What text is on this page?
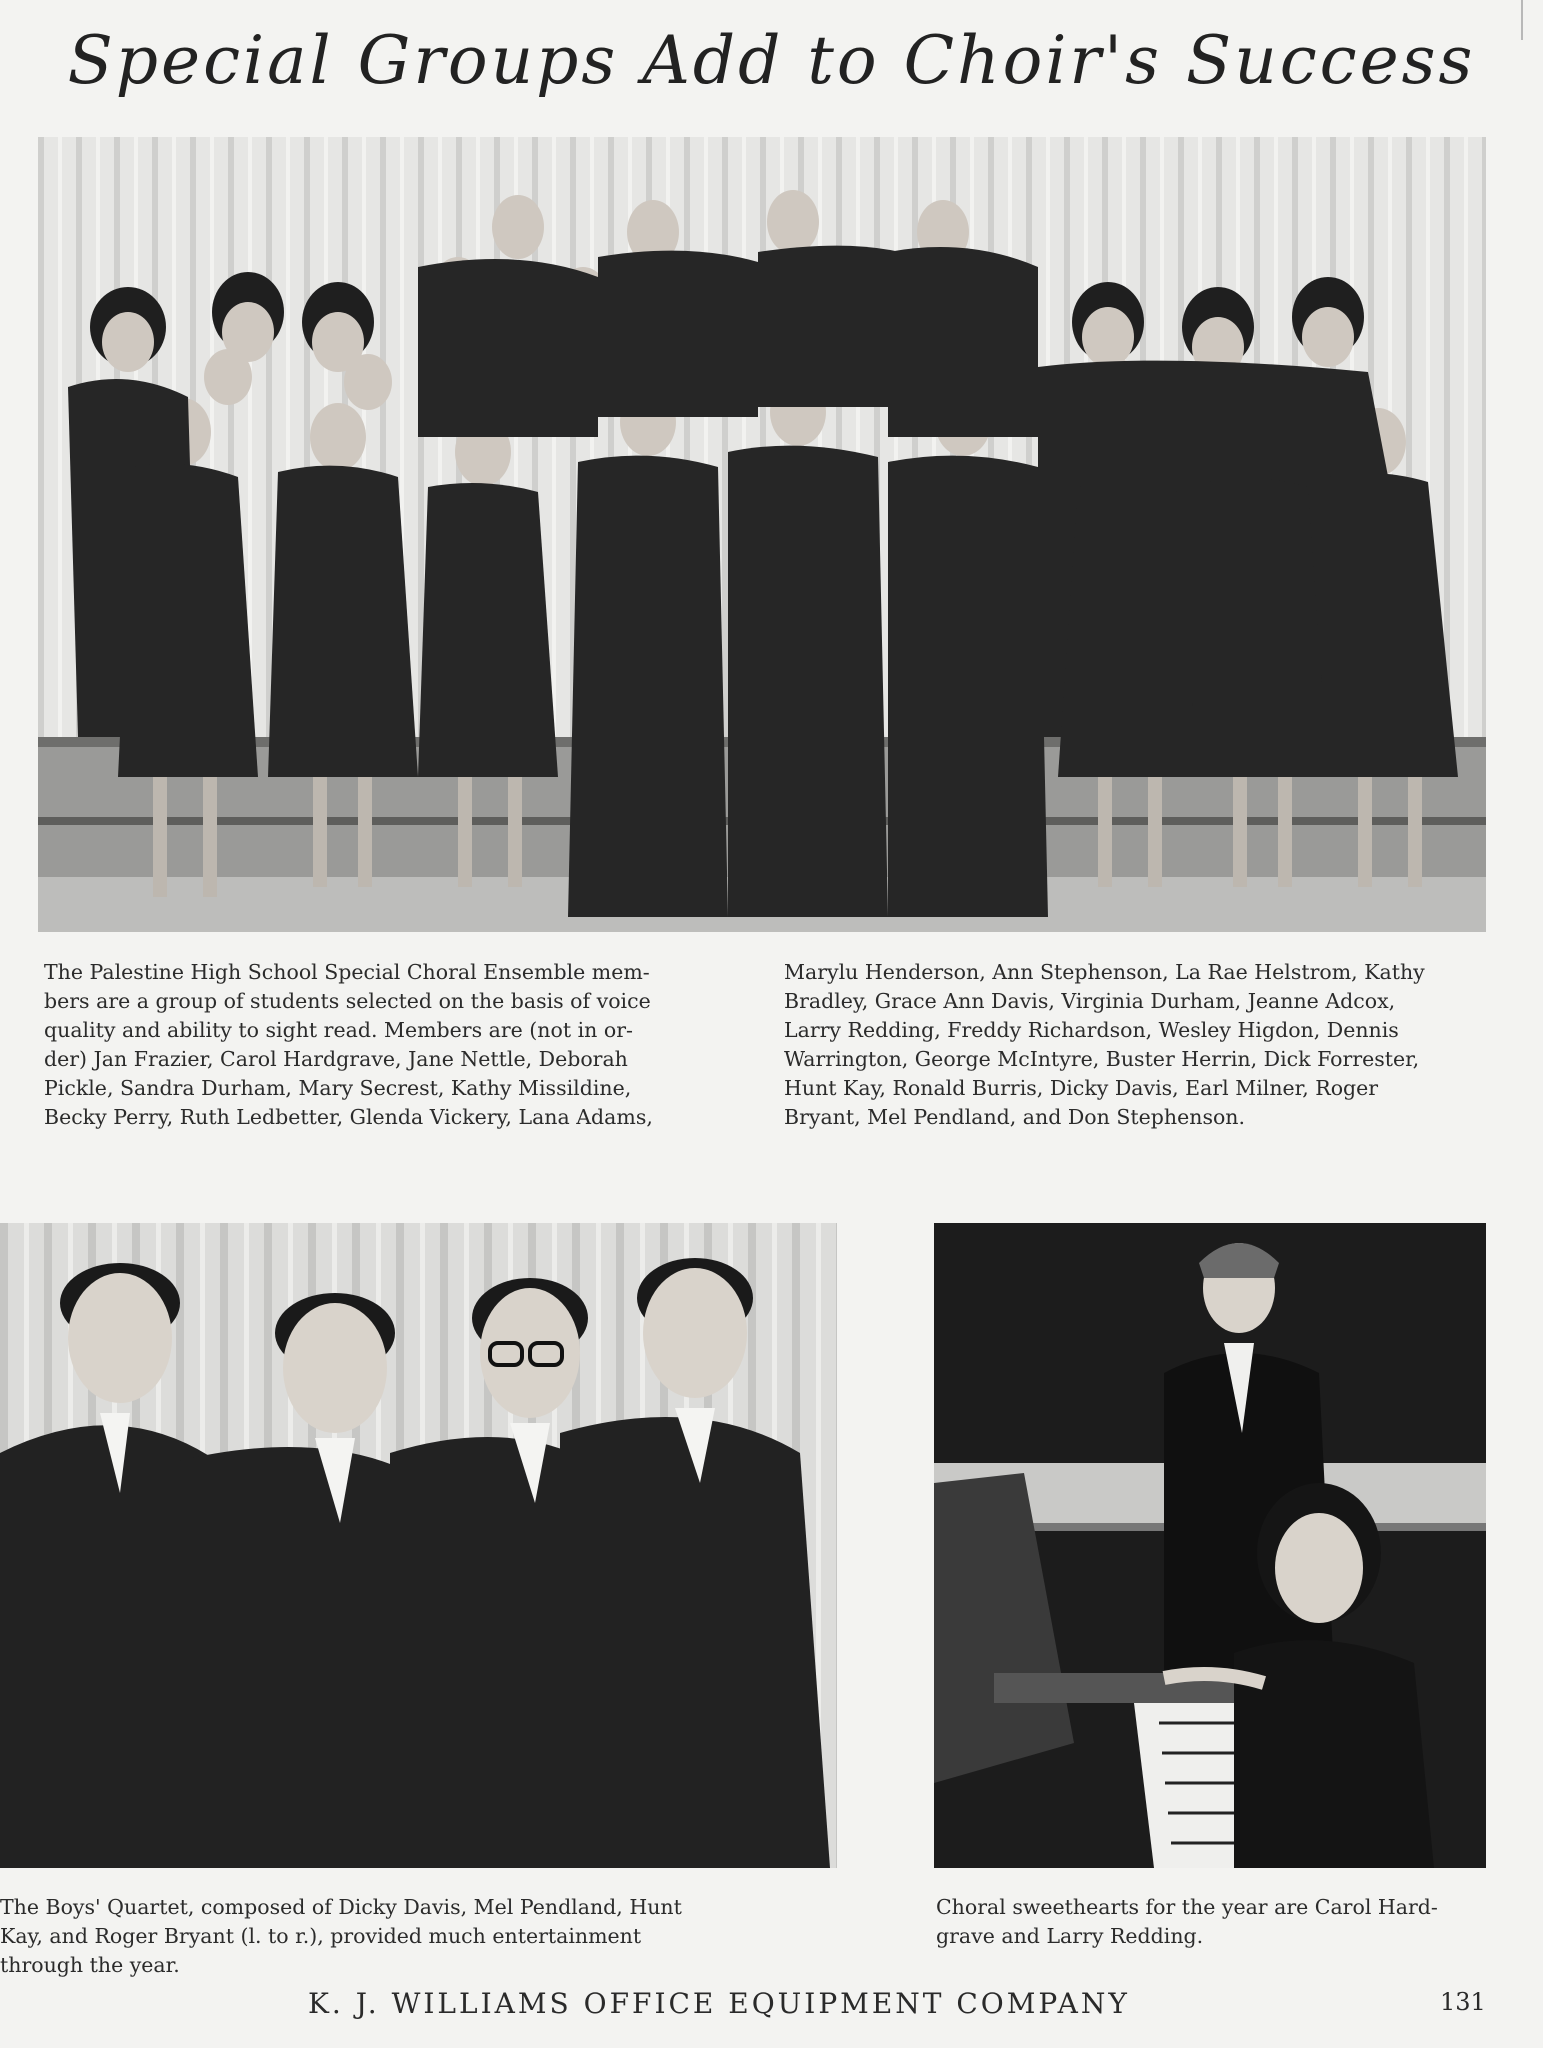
Special Groups Add to Choir's Success
The Palestine High School Special Choral Ensemble mem-
bers are a group of students selected on the basis of voice
quality and ability to sight read. Members are (not in or-
der) Jan Frazier, Carol Hardgrave, Jane Nettle, Deborah
Pickle, Sandra Durham, Mary Secrest, Kathy Missildine,
Becky Perry, Ruth Ledbetter, Glenda Vickery, Lana Adams,
Marylu Henderson, Ann Stephenson, La Rae Helstrom, Kathy
Bradley, Grace Ann Davis, Virginia Durham, Jeanne Adcox,
Larry Redding, Freddy Richardson, Wesley Higdon, Dennis
Warrington, George McIntyre, Buster Herrin, Dick Forrester,
Hunt Kay, Ronald Burris, Dicky Davis, Earl Milner, Roger
Bryant, Mel Pendland, and Don Stephenson.
The Boys' Quartet, composed of Dicky Davis, Mel Pendland, Hunt
Kay, and Roger Bryant (l. to r.), provided much entertainment
through the year.
Choral sweethearts for the year are Carol Hard-
grave and Larry Redding.
K. J. WILLIAMS OFFICE EQUIPMENT COMPANY	131
